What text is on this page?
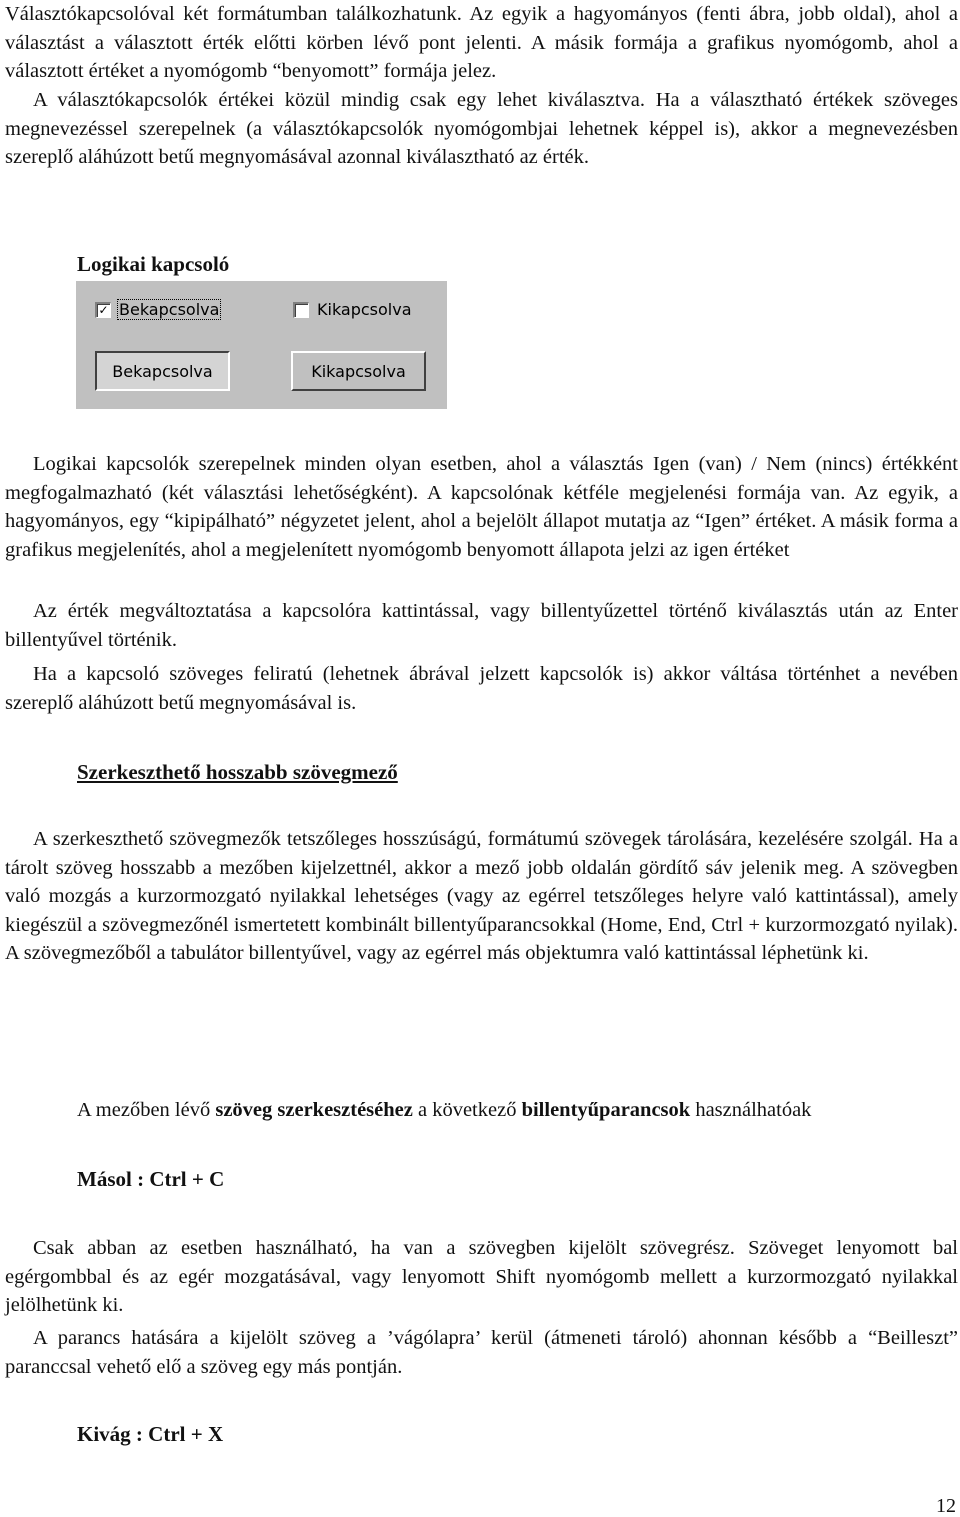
Választókapcsolóval két formátumban találkozhatunk. Az egyik a hagyományos (fenti ábra, jobb oldal), ahol a választást a választott érték előtti körben lévő pont jelenti. A másik formája a grafikus nyomógomb, ahol a választott értéket a nyomógomb “benyomott” formája jelez.

A választókapcsolók értékei közül mindig csak egy lehet kiválasztva. Ha a választható értékek szöveges megnevezéssel szerepelnek (a választókapcsolók nyomógombjai lehetnek képpel is), akkor a megnevezésben szereplő aláhúzott betű megnyomásával azonnal kiválasztható az érték.

Logikai kapcsoló
✓ Bekapcsolva	Kikapcsolva
Bekapcsolva	Kikapcsolva

Logikai kapcsolók szerepelnek minden olyan esetben, ahol a választás Igen (van) / Nem (nincs) értékként megfogalmazható (két választási lehetőségként). A kapcsolónak kétféle megjelenési formája van. Az egyik, a hagyományos, egy “kipipálható” négyzetet jelent, ahol a bejelölt állapot mutatja az “Igen” értéket. A másik forma a grafikus megjelenítés, ahol a megjelenített nyomógomb benyomott állapota jelzi az igen értéket

Az érték megváltoztatása a kapcsolóra kattintással, vagy billentyűzettel történő kiválasztás után az Enter billentyűvel történik.

Ha a kapcsoló szöveges feliratú (lehetnek ábrával jelzett kapcsolók is) akkor váltása történhet a nevében szereplő aláhúzott betű megnyomásával is.

Szerkeszthető hosszabb szövegmező

A szerkeszthető szövegmezők tetszőleges hosszúságú, formátumú szövegek tárolására, kezelésére szolgál. Ha a tárolt szöveg hosszabb a mezőben kijelzettnél, akkor a mező jobb oldalán gördítő sáv jelenik meg. A szövegben való mozgás a kurzormozgató nyilakkal lehetséges (vagy az egérrel tetszőleges helyre való kattintással), amely kiegészül a szövegmezőnél ismertetett kombinált billentyűparancsokkal (Home, End, Ctrl + kurzormozgató nyilak). A szövegmezőből a tabulátor billentyűvel, vagy az egérrel más objektumra való kattintással léphetünk ki.

A mezőben lévő szöveg szerkesztéséhez a következő billentyűparancsok használhatóak

Másol : Ctrl + C

Csak abban az esetben használható, ha van a szövegben kijelölt szövegrész. Szöveget lenyomott bal egérgombbal és az egér mozgatásával, vagy lenyomott Shift nyomógomb mellett a kurzormozgató nyilakkal jelölhetünk ki.

A parancs hatására a kijelölt szöveg a ’vágólapra’ kerül (átmeneti tároló) ahonnan később a “Beilleszt” paranccsal vehető elő a szöveg egy más pontján.

Kivág : Ctrl + X

12
